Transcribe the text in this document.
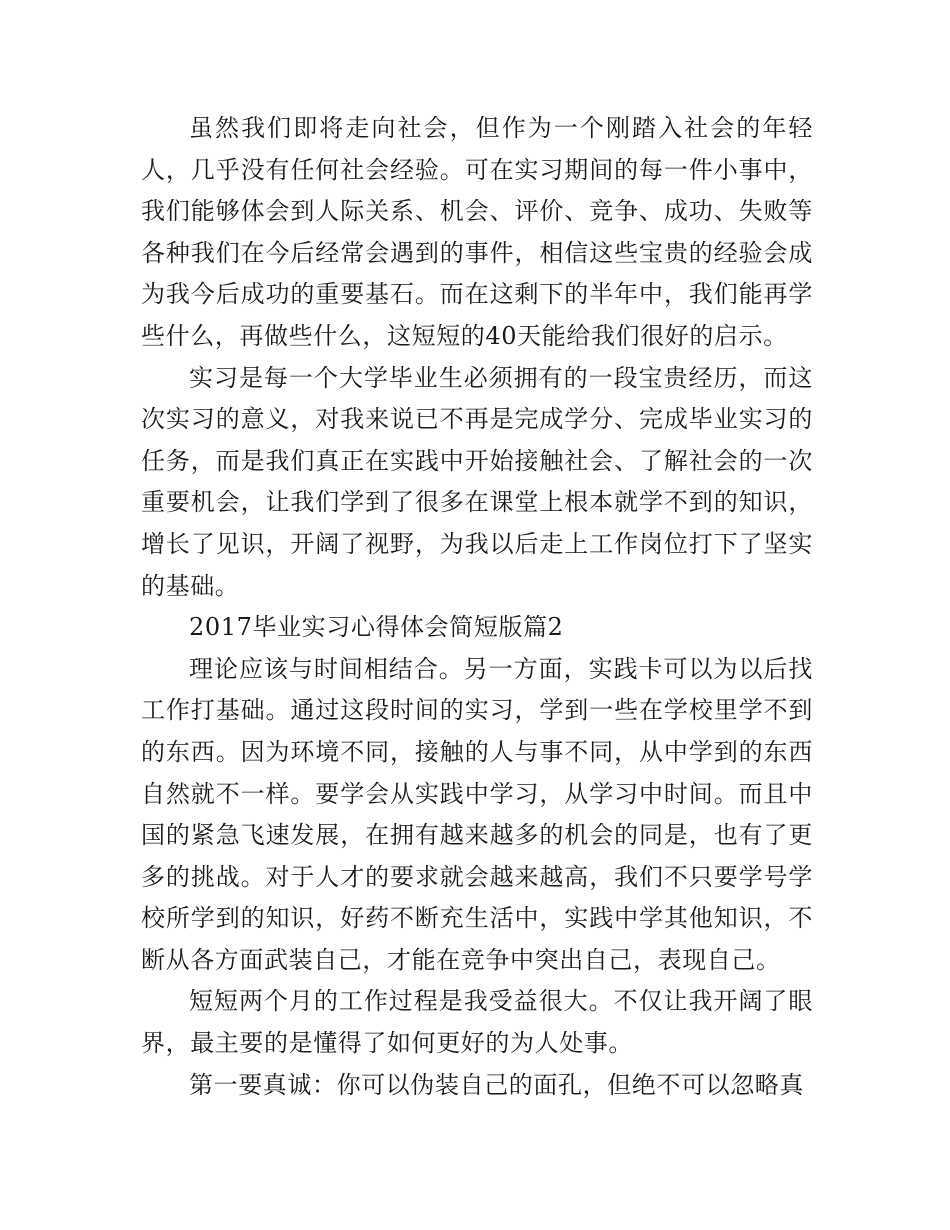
虽然我们即将走向社会，但作为一个刚踏入社会的年轻人，几乎没有任何社会经验。可在实习期间的每一件小事中，我们能够体会到人际关系、机会、评价、竞争、成功、失败等各种我们在今后经常会遇到的事件，相信这些宝贵的经验会成为我今后成功的重要基石。而在这剩下的半年中，我们能再学些什么，再做些什么，这短短的40天能给我们很好的启示。

实习是每一个大学毕业生必须拥有的一段宝贵经历，而这次实习的意义，对我来说已不再是完成学分、完成毕业实习的任务，而是我们真正在实践中开始接触社会、了解社会的一次重要机会，让我们学到了很多在课堂上根本就学不到的知识，增长了见识，开阔了视野，为我以后走上工作岗位打下了坚实的基础。

2017毕业实习心得体会简短版篇2

理论应该与时间相结合。另一方面，实践卡可以为以后找工作打基础。通过这段时间的实习，学到一些在学校里学不到的东西。因为环境不同，接触的人与事不同，从中学到的东西自然就不一样。要学会从实践中学习，从学习中时间。而且中国的紧急飞速发展，在拥有越来越多的机会的同是，也有了更多的挑战。对于人才的要求就会越来越高，我们不只要学号学校所学到的知识，好药不断充生活中，实践中学其他知识，不断从各方面武装自己，才能在竞争中突出自己，表现自己。

短短两个月的工作过程是我受益很大。不仅让我开阔了眼界，最主要的是懂得了如何更好的为人处事。

第一要真诚：你可以伪装自己的面孔，但绝不可以忽略真
